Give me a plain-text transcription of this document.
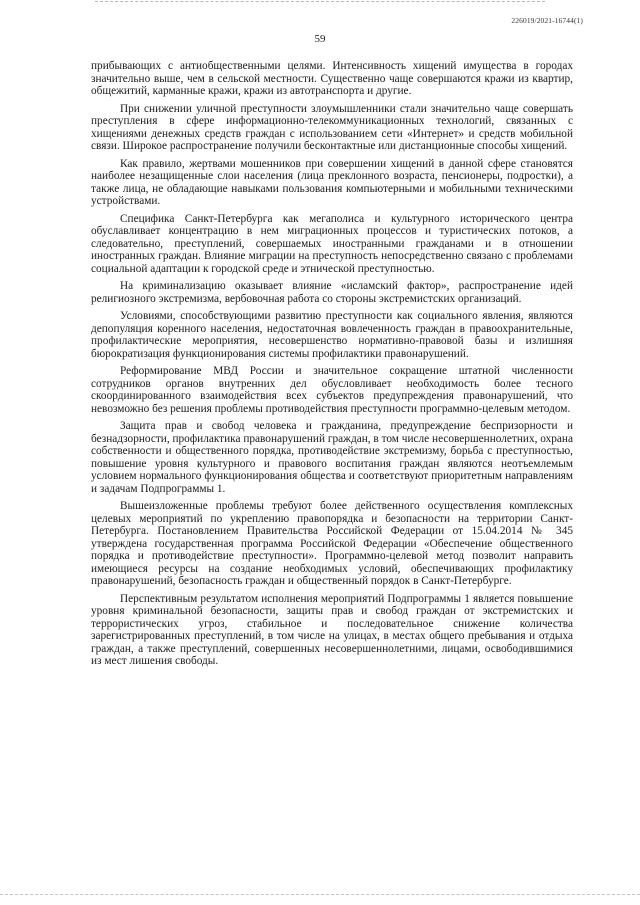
226019/2021-16744(1)
59

прибывающих с антиобщественными целями. Интенсивность хищений имущества в городах значительно выше, чем в сельской местности. Существенно чаще совершаются кражи из квартир, общежитий, карманные кражи, кражи из автотранспорта и другие.

При снижении уличной преступности злоумышленники стали значительно чаще совершать преступления в сфере информационно-телекоммуникационных технологий, связанных с хищениями денежных средств граждан с использованием сети «Интернет» и средств мобильной связи. Широкое распространение получили бесконтактные или дистанционные способы хищений.

Как правило, жертвами мошенников при совершении хищений в данной сфере становятся наиболее незащищенные слои населения (лица преклонного возраста, пенсионеры, подростки), а также лица, не обладающие навыками пользования компьютерными и мобильными техническими устройствами.

Специфика Санкт-Петербурга как мегаполиса и культурного исторического центра обуславливает концентрацию в нем миграционных процессов и туристических потоков, а следовательно, преступлений, совершаемых иностранными гражданами и в отношении иностранных граждан. Влияние миграции на преступность непосредственно связано с проблемами социальной адаптации к городской среде и этнической преступностью.

На криминализацию оказывает влияние «исламский фактор», распространение идей религиозного экстремизма, вербовочная работа со стороны экстремистских организаций.

Условиями, способствующими развитию преступности как социального явления, являются депопуляция коренного населения, недостаточная вовлеченность граждан в правоохранительные, профилактические мероприятия, несовершенство нормативно-правовой базы и излишняя бюрократизация функционирования системы профилактики правонарушений.

Реформирование МВД России и значительное сокращение штатной численности сотрудников органов внутренних дел обусловливает необходимость более тесного скоординированного взаимодействия всех субъектов предупреждения правонарушений, что невозможно без решения проблемы противодействия преступности программно-целевым методом.

Защита прав и свобод человека и гражданина, предупреждение беспризорности и безнадзорности, профилактика правонарушений граждан, в том числе несовершеннолетних, охрана собственности и общественного порядка, противодействие экстремизму, борьба с преступностью, повышение уровня культурного и правового воспитания граждан являются неотъемлемым условием нормального функционирования общества и соответствуют приоритетным направлениям и задачам Подпрограммы 1.

Вышеизложенные проблемы требуют более действенного осуществления комплексных целевых мероприятий по укреплению правопорядка и безопасности на территории Санкт-Петербурга. Постановлением Правительства Российской Федерации от 15.04.2014 № 345 утверждена государственная программа Российской Федерации «Обеспечение общественного порядка и противодействие преступности». Программно-целевой метод позволит направить имеющиеся ресурсы на создание необходимых условий, обеспечивающих профилактику правонарушений, безопасность граждан и общественный порядок в Санкт-Петербурге.

Перспективным результатом исполнения мероприятий Подпрограммы 1 является повышение уровня криминальной безопасности, защиты прав и свобод граждан от экстремистских и террористических угроз, стабильное и последовательное снижение количества зарегистрированных преступлений, в том числе на улицах, в местах общего пребывания и отдыха граждан, а также преступлений, совершенных несовершеннолетними, лицами, освободившимися из мест лишения свободы.
